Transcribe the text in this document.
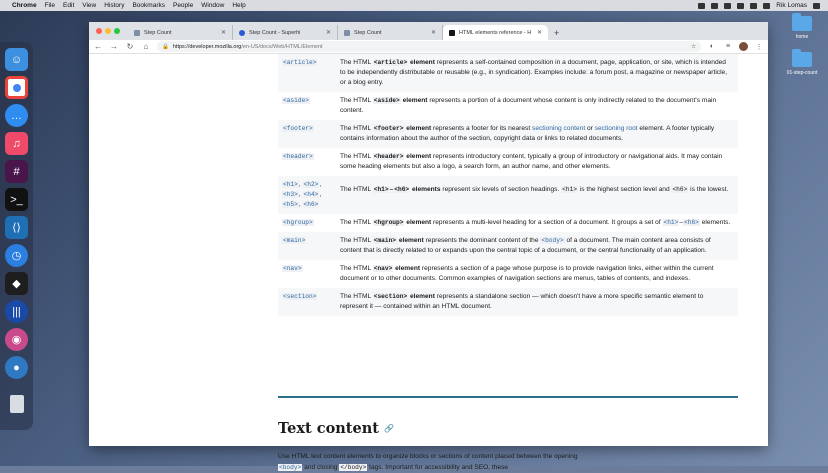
Chrome File Edit View History Bookmarks People Window Help	Rik Lomas
☺
…
♫
#
>_
⟨⟩
◷
◆
|||
◉
●
home
01-step-count
Step Count	✕	Step Count - Superhi	✕	Step Count	✕	HTML elements reference - H ✕	+
← → ↻	⌂	🔒 https://developer.mozilla.org /en-US/docs/Web/HTML/Element	☆	◐	≡	⋮
<article>	The HTML <article> element represents a self-contained composition in a document, page, application, or site, which is intended to be independently distributable or reusable (e.g., in syndication). Examples include: a forum post, a magazine or newspaper article, or a blog entry.
<aside>	The HTML <aside> element represents a portion of a document whose content is only indirectly related to the document's main content.
<footer>	The HTML <footer> element represents a footer for its nearest sectioning content or sectioning root element. A footer typically contains information about the author of the section, copyright data or links to related documents.
<header>	The HTML <header> element represents introductory content, typically a group of introductory or navigational aids. It may contain some heading elements but also a logo, a search form, an author name, and other elements.
<h1>, <h2>,
<h3>, <h4>,
<h5>, <h6>
The HTML <h1>–<h6> elements represent six levels of section headings. <h1> is the highest section level and <h6> is the lowest.
<hgroup>	The HTML <hgroup> element represents a multi-level heading for a section of a document. It groups a set of <h1>–<h6> elements.
<main>	The HTML <main> element represents the dominant content of the <body> of a document. The main content area consists of content that is directly related to or expands upon the central topic of a document, or the central functionality of an application.
<nav>	The HTML <nav> element represents a section of a page whose purpose is to provide navigation links, either within the current document or to other documents. Common examples of navigation sections are menus, tables of contents, and indexes.
<section>	The HTML <section> element represents a standalone section — which doesn't have a more specific semantic element to represent it — contained within an HTML document.
Text content 🔗

Use HTML text content elements to organize blocks or sections of content placed between the opening <body> and closing </body> tags. Important for accessibility and SEO, these
